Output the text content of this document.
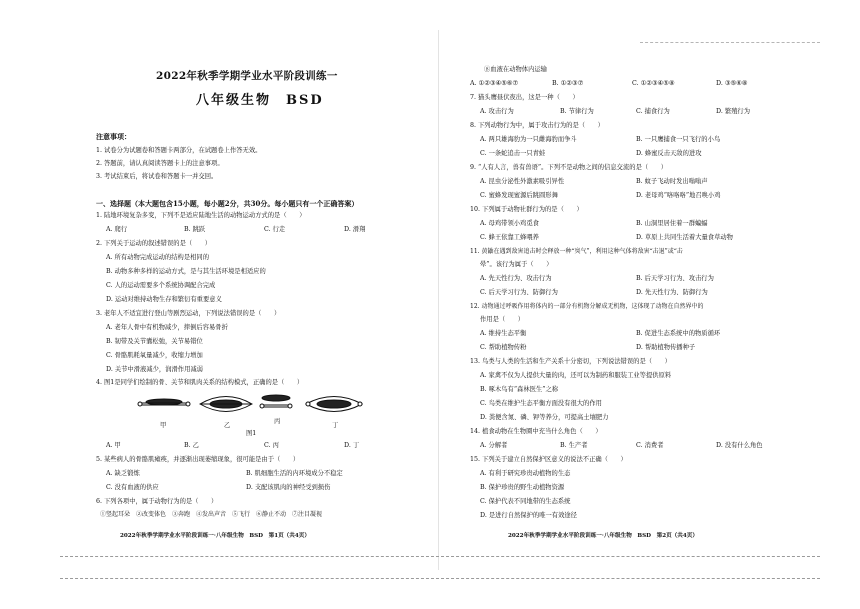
2022年秋季学期学业水平阶段训练一
八年级生物　BSD
注意事项：
1. 试卷分为试题卷和答题卡两部分，在试题卷上作答无效。
2. 答题前，请认真阅读答题卡上的注意事项。
3. 考试结束后，将试卷和答题卡一并交回。
一、选择题（本大题包含15小题，每小题2分，共30分。每小题只有一个正确答案）
1. 陆地环境复杂多变，下列不是适应陆地生活的动物运动方式的是（　　）
A. 爬行	B. 跳跃	C. 行走	D. 滑翔
2. 下列关于运动的叙述错误的是（　　）
A. 所有动物完成运动的结构是相同的
B. 动物多种多样的运动方式，是与其生活环境是相适应的
C. 人的运动需要多个系统协调配合完成
D. 运动对维持动物生存和繁衍有重要意义
3. 老年人不适宜进行登山等剧烈运动，下列说法错误的是（　　）
A. 老年人骨中有机物减少，摔倒后容易骨折
B. 韧带及关节囊松弛，关节易错位
C. 骨骼肌耗氧量减少，收缩力增加
D. 关节中滑液减少，润滑作用减弱
4. 图1是同学们绘制的骨、关节和肌肉关系的结构模式，正确的是（　　）
甲	乙
丙
丁
图1
A. 甲	B. 乙	C. 丙	D. 丁
5. 某些病人的骨骼肌瘫痪，并逐渐出现萎缩现象，很可能是由于（　　）
A. 缺乏锻炼	B. 肌细胞生活的内环境成分不稳定
C. 没有血液的供应	D. 支配该肌肉的神经受到损伤
6. 下列各项中，属于动物行为的是（　　）
①竖起耳朵　②改变体色　③奔跑　④发出声音　⑤飞行　⑥静止不动　⑦注目凝视
2022年秋季学期学业水平阶段训练一·八年级生物　BSD　第1页（共4页）
⑧血液在动物体内运输
A. ①②③④⑤⑥⑦	B. ①②③⑦	C. ①②③④⑤⑧	D. ③⑤⑥⑧
7. 猫头鹰昼伏夜出，这是一种（　　）
A. 攻击行为	B. 节律行为	C. 捕食行为	D. 繁殖行为
8. 下列动物行为中，属于攻击行为的是（　　）
A. 两只雄海豹为一只雌海豹而争斗	B. 一只鹰捕食一只飞行的小鸟
C. 一条蛇追击一只青蛙	D. 蜂蜜反击天敌的进攻
9. “人有人言，兽有兽语”。下列不是动物之间的信息交流的是（　　）
A. 昆虫分泌性外激素吸引异性	B. 蚊子飞动时发出嗡嗡声
C. 蜜蜂发现蜜源后跳圆形舞	D. 老母鸡“咯咯咯”地召唤小鸡
10. 下列属于动物社群行为的是（　　）
A. 母鸡带领小鸡觅食	B. 山洞里居住着一群蝙蝠
C. 蜂王依靠工蜂喂养	D. 草原上共同生活着大量食草动物
11. 黄鼬在遇到敌害追击时会释放一种“臭气”，利用这种气体将敌害“击退”或“击
晕”。该行为属于（　　）
A. 先天性行为、攻击行为	B. 后天学习行为、攻击行为
C. 后天学习行为、防御行为	D. 先天性行为、防御行为
12. 动物通过呼吸作用将体内的一部分有机物分解成无机物，这体现了动物在自然界中的
作用是（　　）
A. 维持生态平衡	B. 促进生态系统中的物质循环
C. 帮助植物传粉	D. 帮助植物传播种子
13. 鸟类与人类的生活和生产关系十分密切，下列说法错误的是（　　）
A. 家禽不仅为人提供大量的肉，还可以为制药和服装工业等提供原料
B. 啄木鸟有“森林医生”之称
C. 鸟类在维护生态平衡方面没有很大的作用
D. 粪便含氮、磷、钾等养分，可提高土壤肥力
14. 植食动物在生物圈中充当什么角色（　　）
A. 分解者	B. 生产者	C. 消费者	D. 没有什么角色
15. 下列关于建立自然保护区意义的说法不正确（　　）
A. 有利于研究珍贵动植物的生态
B. 保护珍贵的野生动植物资源
C. 保护代表不同地带的生态系统
D. 是进行自然保护的唯一有效途径
2022年秋季学期学业水平阶段训练一·八年级生物　BSD　第2页（共4页）
